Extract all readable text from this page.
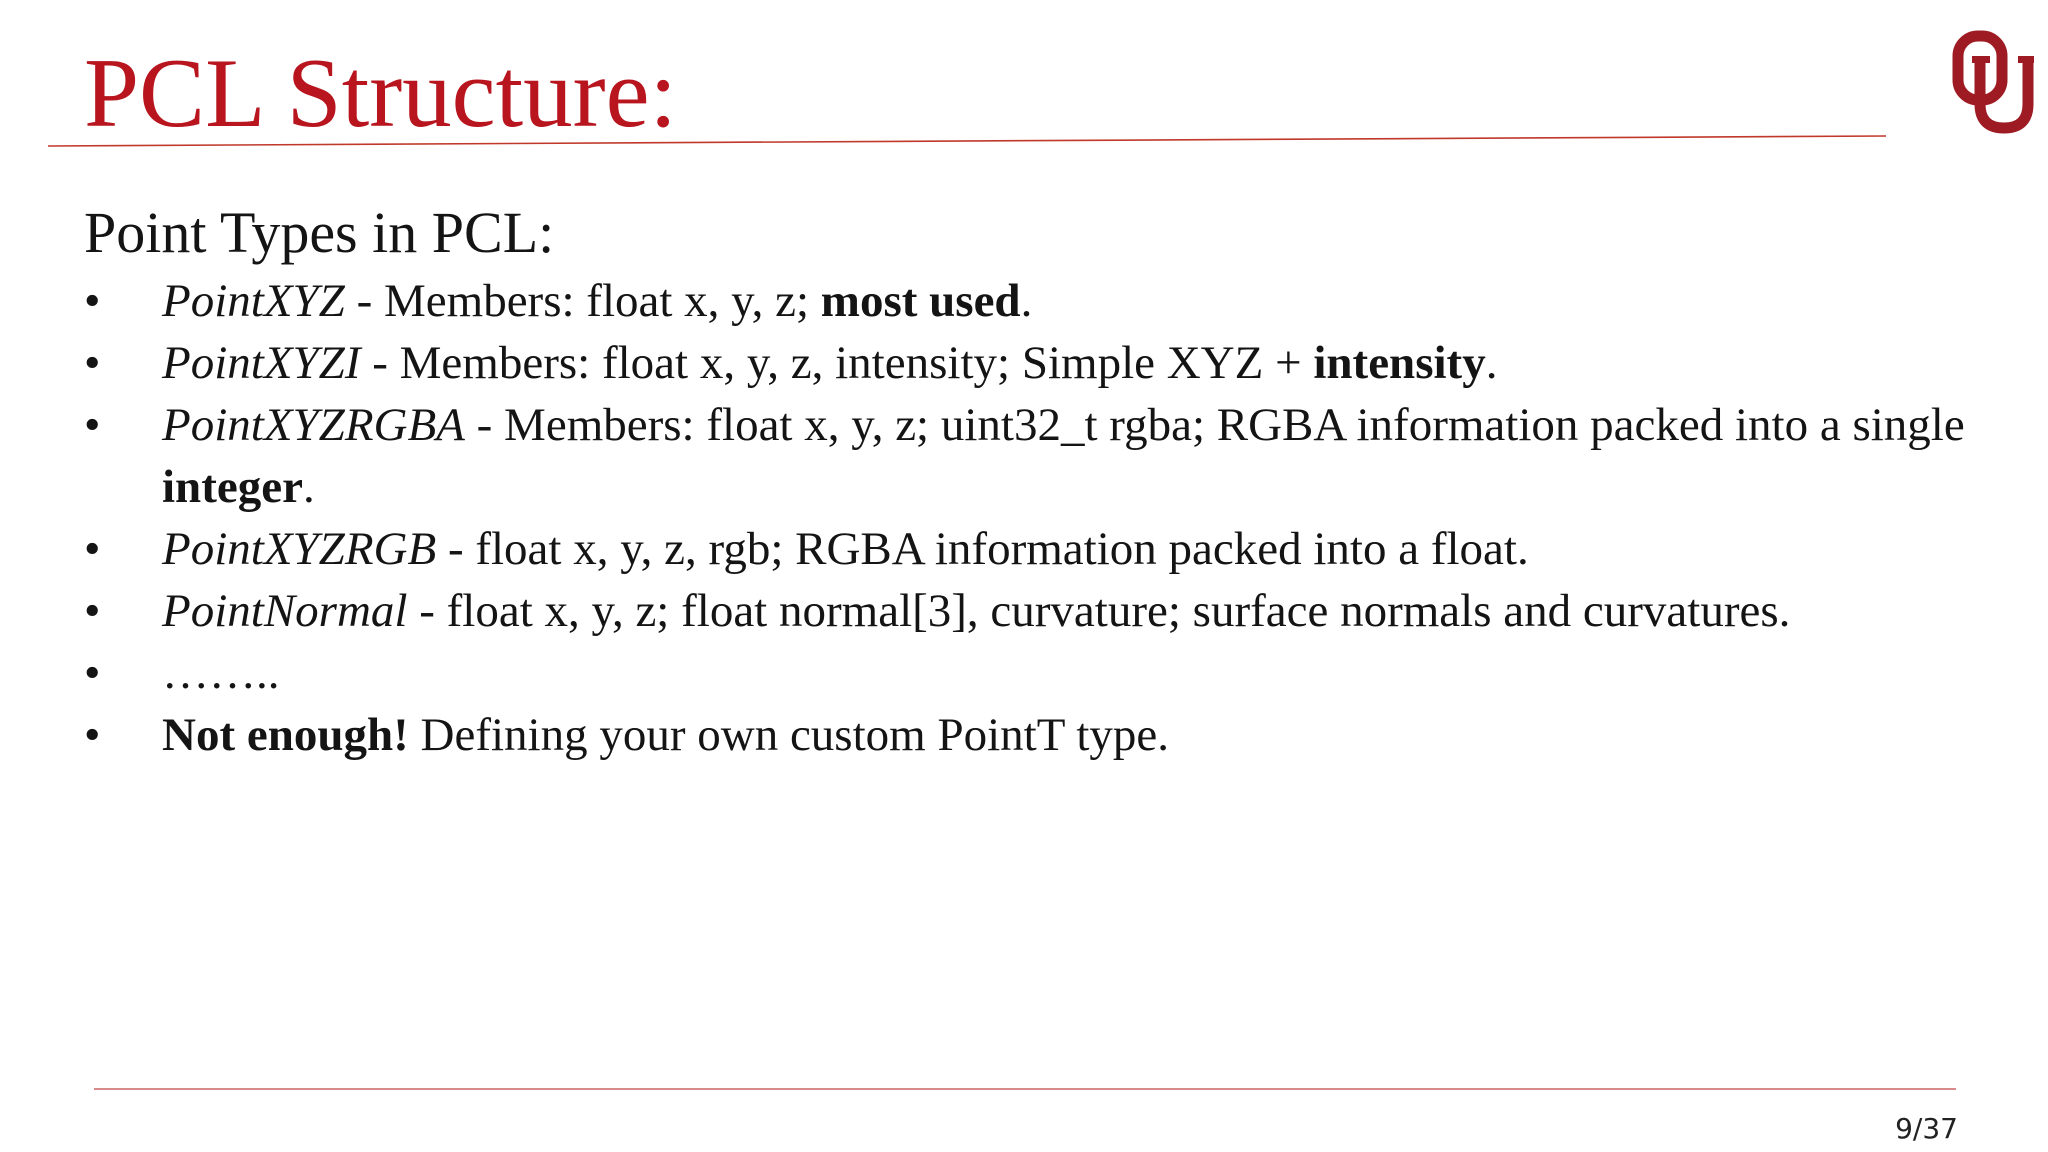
PCL Structure:
Point Types in PCL:
• PointXYZ - Members: float x, y, z; most used.
• PointXYZI - Members: float x, y, z, intensity; Simple XYZ + intensity.
• PointXYZRGBA - Members: float x, y, z; uint32_t rgba; RGBA information packed into a single integer.
• PointXYZRGB - float x, y, z, rgb; RGBA information packed into a float.
• PointNormal - float x, y, z; float normal[3], curvature; surface normals and curvatures.
• ……..
• Not enough! Defining your own custom PointT type.
9/37
